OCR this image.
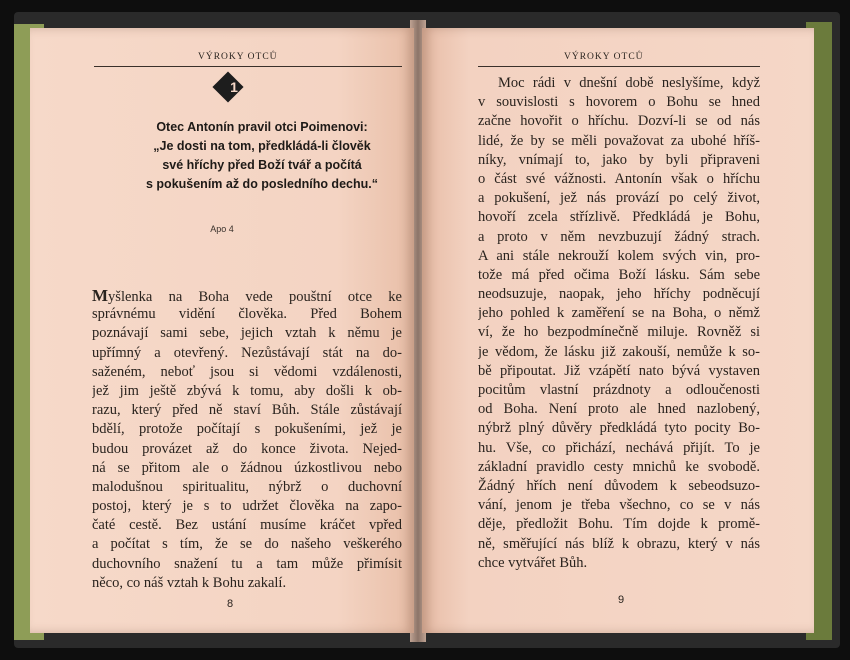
VÝROKY OTCŮ
1
Otec Antonín pravil otci Poimenovi:
„Je dosti na tom, předkládá-li člověk
své hříchy před Boží tvář a počítá
s pokušením až do posledního dechu.“
Apo 4
Myšlenka na Boha vede pouštní otce ke
správnému vidění člověka. Před Bohem
poznávají sami sebe, jejich vztah k němu je
upřímný a otevřený. Nezůstávají stát na do-
saženém, neboť jsou si vědomi vzdálenosti,
jež jim ještě zbývá k tomu, aby došli k ob-
razu, který před ně staví Bůh. Stále zůstávají
bdělí, protože počítají s pokušeními, jež je
budou provázet až do konce života. Nejed-
ná se přitom ale o žádnou úzkostlivou nebo
malodušnou spiritualitu, nýbrž o duchovní
postoj, který je s to udržet člověka na zapo-
čaté cestě. Bez ustání musíme kráčet vpřed
a počítat s tím, že se do našeho veškerého
duchovního snažení tu a tam může přimísit
něco, co náš vztah k Bohu zakalí.
8
VÝROKY OTCŮ
Moc rádi v dnešní době neslyšíme, když
v souvislosti s hovorem o Bohu se hned
začne hovořit o hříchu. Dozví-li se od nás
lidé, že by se měli považovat za ubohé hříš-
níky, vnímají to, jako by byli připraveni
o část své vážnosti. Antonín však o hříchu
a pokušení, jež nás provází po celý život,
hovoří zcela střízlivě. Předkládá je Bohu,
a proto v něm nevzbuzují žádný strach.
A ani stále nekrouží kolem svých vin, pro-
tože má před očima Boží lásku. Sám sebe
neodsuzuje, naopak, jeho hříchy podněcují
jeho pohled k zaměření se na Boha, o němž
ví, že ho bezpodmínečně miluje. Rovněž si
je vědom, že lásku již zakouší, nemůže k so-
bě připoutat. Již vzápětí nato bývá vystaven
pocitům vlastní prázdnoty a odloučenosti
od Boha. Není proto ale hned nazlobený,
nýbrž plný důvěry předkládá tyto pocity Bo-
hu. Vše, co přichází, nechává přijít. To je
základní pravidlo cesty mnichů ke svobodě.
Žádný hřích není důvodem k sebeodsuzo-
vání, jenom je třeba všechno, co se v nás
děje, předložit Bohu. Tím dojde k promě-
ně, směřující nás blíž k obrazu, který v nás
chce vytvářet Bůh.
9
